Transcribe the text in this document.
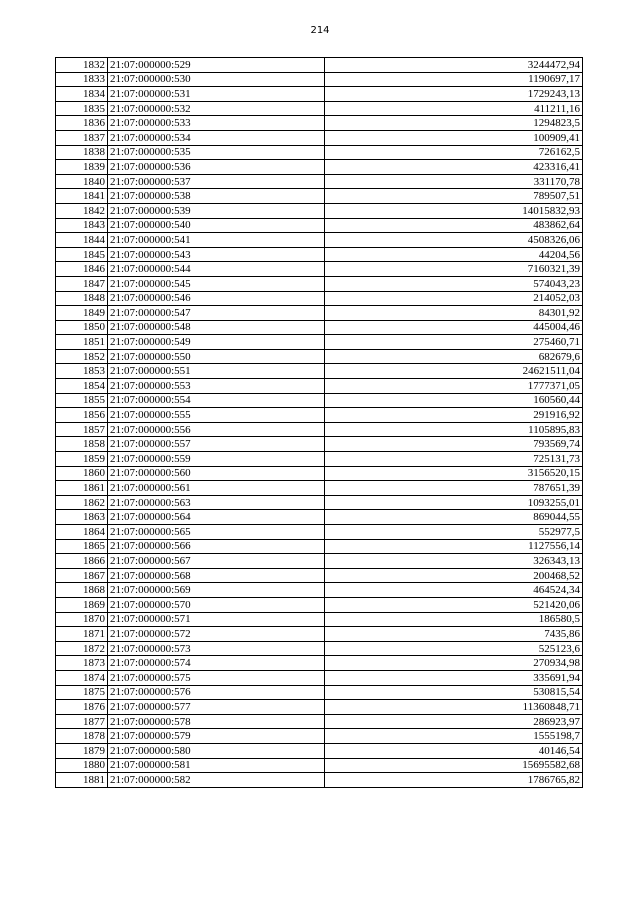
214
1832	21:07:000000:529	3244472,94
1833	21:07:000000:530	1190697,17
1834	21:07:000000:531	1729243,13
1835	21:07:000000:532	411211,16
1836	21:07:000000:533	1294823,5
1837	21:07:000000:534	100909,41
1838	21:07:000000:535	726162,5
1839	21:07:000000:536	423316,41
1840	21:07:000000:537	331170,78
1841	21:07:000000:538	789507,51
1842	21:07:000000:539	14015832,93
1843	21:07:000000:540	483862,64
1844	21:07:000000:541	4508326,06
1845	21:07:000000:543	44204,56
1846	21:07:000000:544	7160321,39
1847	21:07:000000:545	574043,23
1848	21:07:000000:546	214052,03
1849	21:07:000000:547	84301,92
1850	21:07:000000:548	445004,46
1851	21:07:000000:549	275460,71
1852	21:07:000000:550	682679,6
1853	21:07:000000:551	24621511,04
1854	21:07:000000:553	1777371,05
1855	21:07:000000:554	160560,44
1856	21:07:000000:555	291916,92
1857	21:07:000000:556	1105895,83
1858	21:07:000000:557	793569,74
1859	21:07:000000:559	725131,73
1860	21:07:000000:560	3156520,15
1861	21:07:000000:561	787651,39
1862	21:07:000000:563	1093255,01
1863	21:07:000000:564	869044,55
1864	21:07:000000:565	552977,5
1865	21:07:000000:566	1127556,14
1866	21:07:000000:567	326343,13
1867	21:07:000000:568	200468,52
1868	21:07:000000:569	464524,34
1869	21:07:000000:570	521420,06
1870	21:07:000000:571	186580,5
1871	21:07:000000:572	7435,86
1872	21:07:000000:573	525123,6
1873	21:07:000000:574	270934,98
1874	21:07:000000:575	335691,94
1875	21:07:000000:576	530815,54
1876	21:07:000000:577	11360848,71
1877	21:07:000000:578	286923,97
1878	21:07:000000:579	1555198,7
1879	21:07:000000:580	40146,54
1880	21:07:000000:581	15695582,68
1881	21:07:000000:582	1786765,82
